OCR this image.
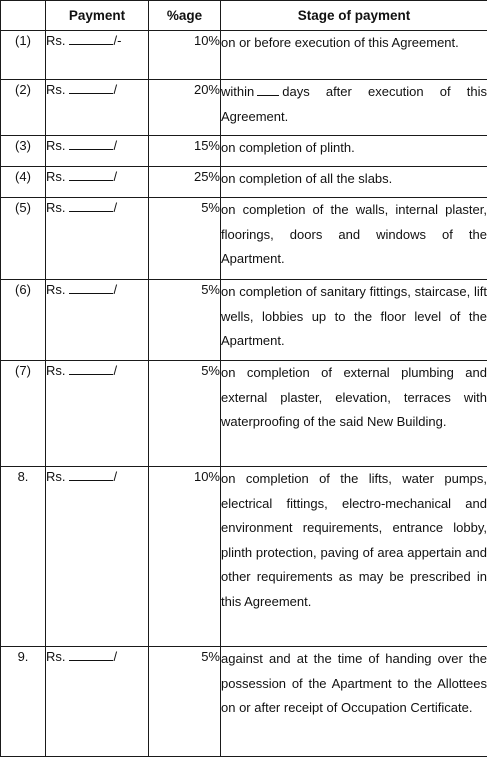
	Payment	%age	Stage of payment
(1)	Rs. /-	10%	on or before execution of this Agreement.
(2)	Rs. /	20%	within days after execution of this Agreement.
(3)	Rs. /	15%	on completion of plinth.
(4)	Rs. /	25%	on completion of all the slabs.
(5)	Rs. /	5%	on completion of the walls, internal plaster, floorings, doors and windows of the Apartment.
(6)	Rs. /	5%	on completion of sanitary fittings, staircase, lift wells, lobbies up to the floor level of the Apartment.
(7)	Rs. /	5%	on completion of external plumbing and external plaster, elevation, terraces with waterproofing of the said New Building.
8.	Rs. /	10%	on completion of the lifts, water pumps, electrical fittings, electro-mechanical and environment requirements, entrance lobby, plinth protection, paving of area appertain and other requirements as may be prescribed in this Agreement.
9.	Rs. /	5%	against and at the time of handing over the possession of the Apartment to the Allottees on or after receipt of Occupation Certificate.
